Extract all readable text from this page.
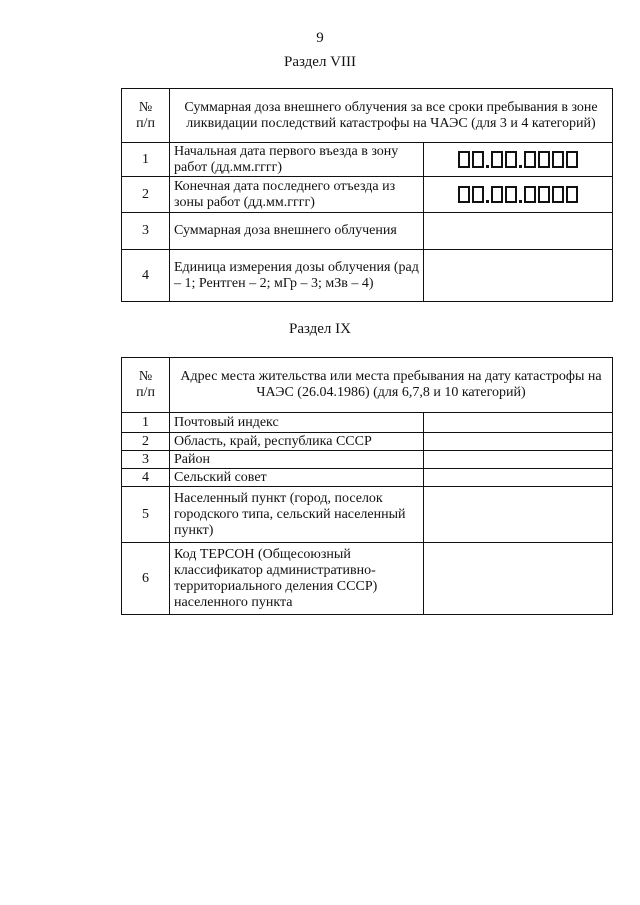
9
Раздел VIII
№
п/п	Суммарная доза внешнего облучения за все сроки пребывания в зоне ликвидации последствий катастрофы на ЧАЭС (для 3 и 4 категорий)	
1	Начальная дата первого въезда в зону работ (дд.мм.гггг)	

2	Конечная дата последнего отъезда из зоны работ (дд.мм.гггг)	

3	Суммарная доза внешнего облучения	
4	Единица измерения дозы облучения (рад – 1; Рентген – 2; мГр – 3; мЗв – 4)	
Раздел IX
№
п/п	Адрес места жительства или места пребывания на дату катастрофы на ЧАЭС (26.04.1986) (для 6,7,8 и 10 категорий)	
1	Почтовый индекс	
2	Область, край, республика СССР	
3	Район	
4	Сельский совет	
5	Населенный пункт (город, поселок городского типа, сельский населенный пункт)	
6	Код ТЕРСОН (Общесоюзный классификатор административно-территориального деления СССР) населенного пункта	
